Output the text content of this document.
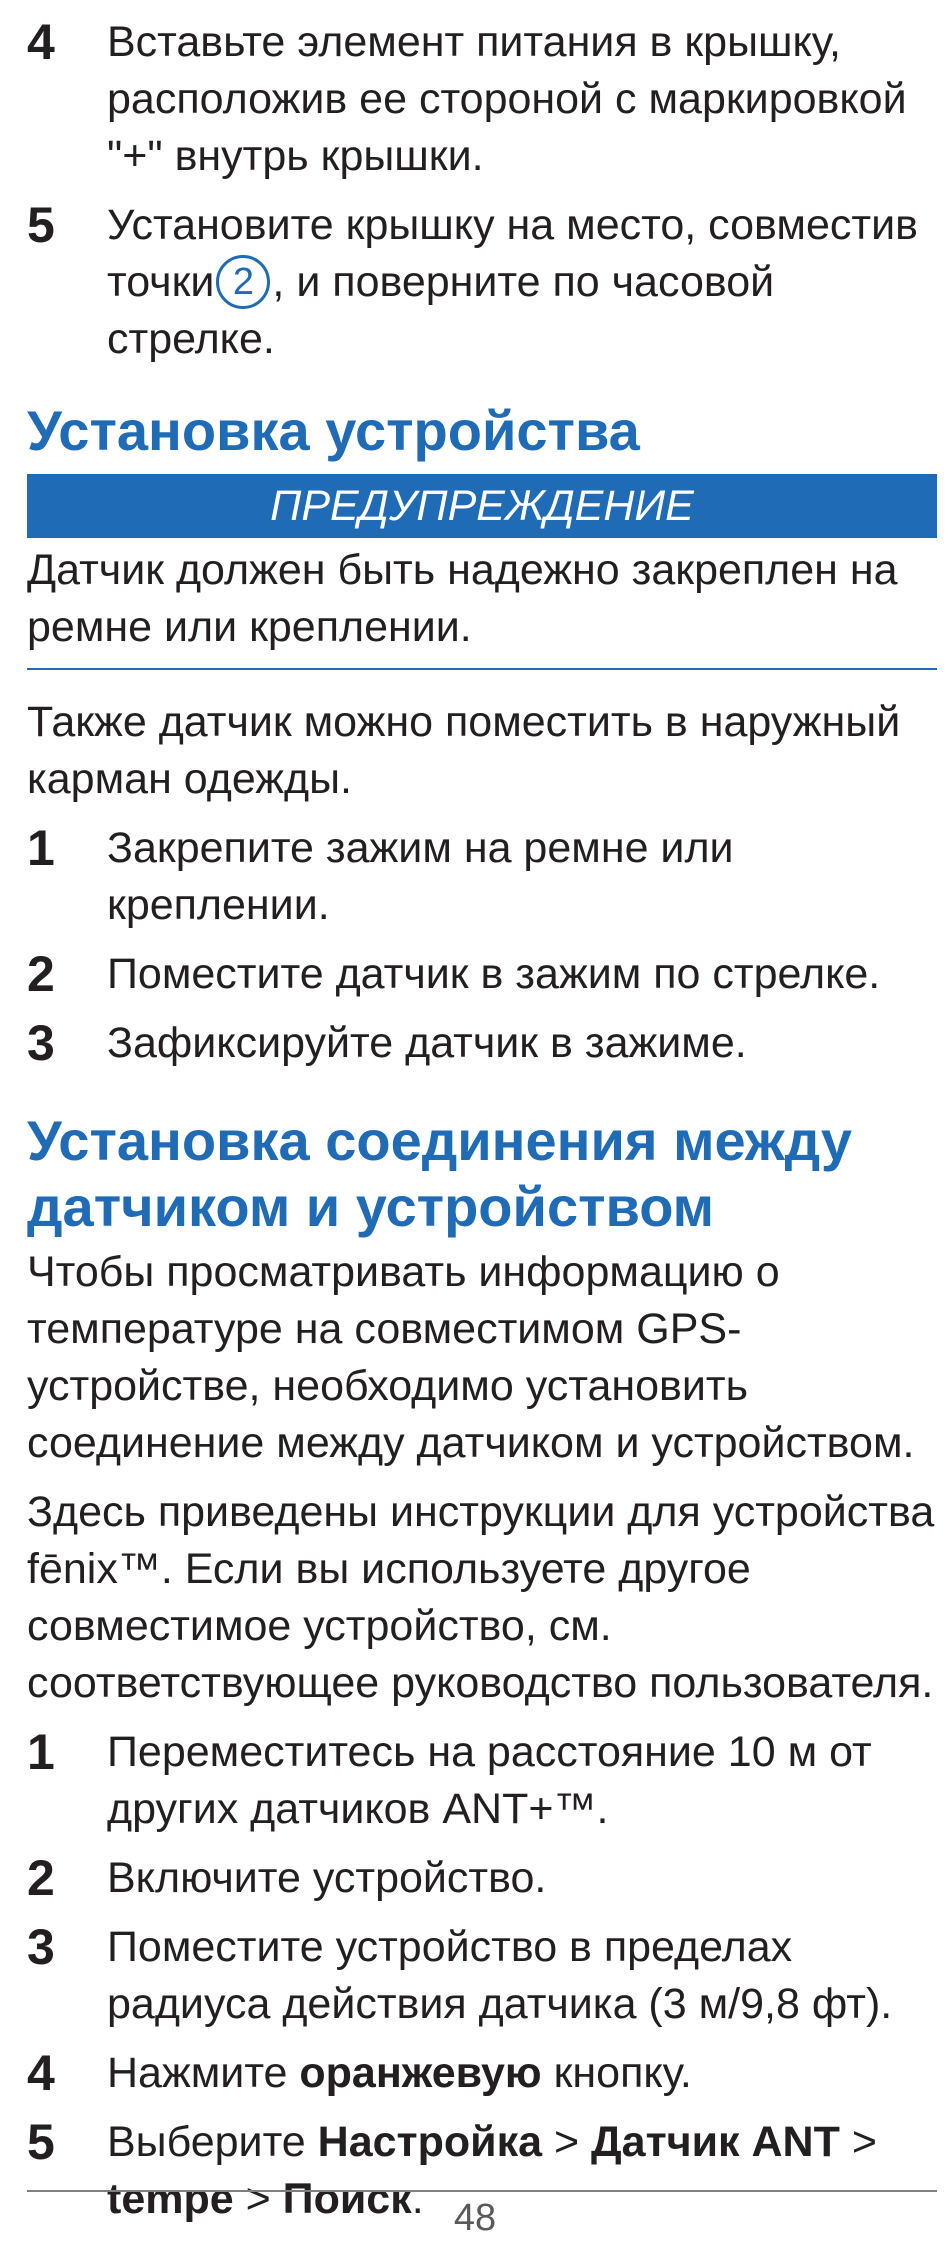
4 Вставьте элемент питания в крышку, расположив ее стороной с маркировкой "+" внутрь крышки.
5 Установите крышку на место, совместив точки 2 , и поверните по часовой стрелке.
Установка устройства
ПРЕДУПРЕЖДЕНИЕ

Датчик должен быть надежно закреплен на ремне или креплении.

Также датчик можно поместить в наружный карман одежды.

1 Закрепите зажим на ремне или креплении.
2 Поместите датчик в зажим по стрелке.
3 Зафиксируйте датчик в зажиме.
Установка соединения между
датчиком и устройством

Чтобы просматривать информацию о температуре на совместимом GPS-устройстве, необходимо установить соединение между датчиком и устройством.

Здесь приведены инструкции для устройства fēnix™. Если вы используете другое совместимое устройство, см. соответствующее руководство пользователя.

1 Переместитесь на расстояние 10 м от других датчиков ANT+™.
2 Включите устройство.
3 Поместите устройство в пределах радиуса действия датчика (3 м/9,8 фт).
4 Нажмите оранжевую кнопку.
5 Выберите Настройка > Датчик ANT > tempe > Поиск. 48
